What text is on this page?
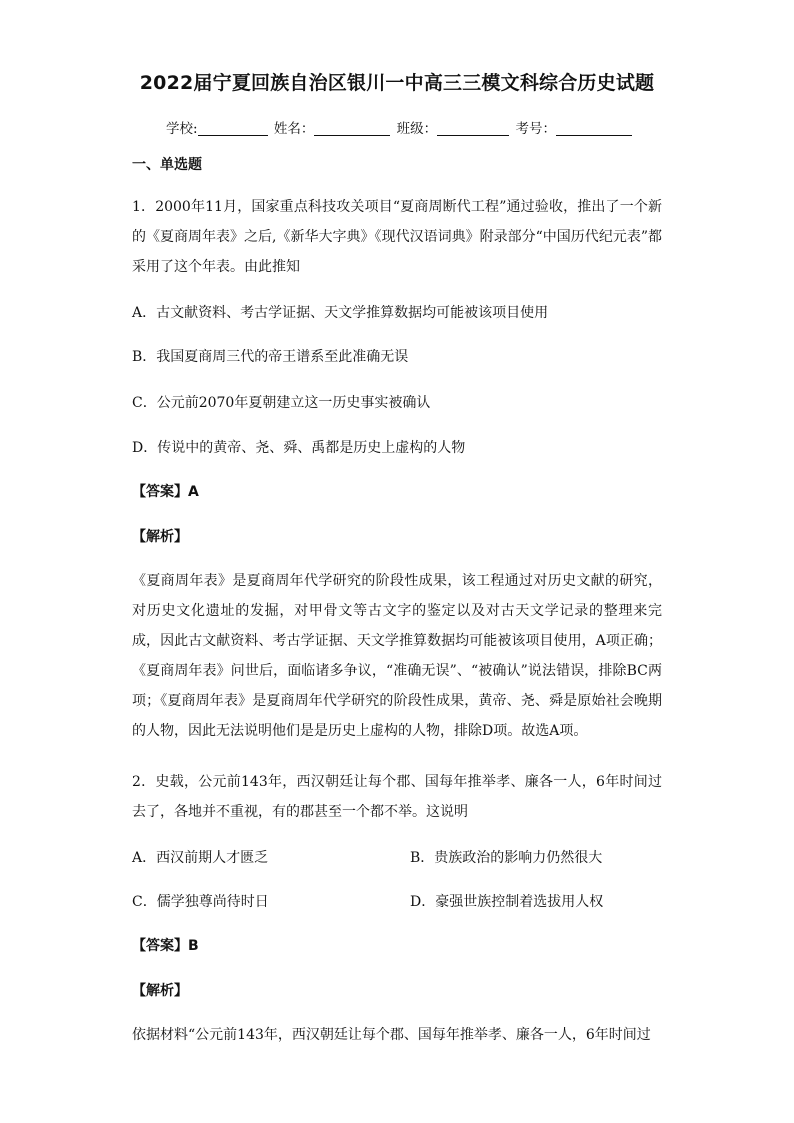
2022届宁夏回族自治区银川一中高三三模文科综合历史试题
学校:	姓名：	班级：	考号：
一、单选题
1．2000年11月，国家重点科技攻关项目“夏商周断代工程”通过验收，推出了一个新的《夏商周年表》之后,《新华大字典》《现代汉语词典》附录部分“中国历代纪元表”都采用了这个年表。由此推知
A．古文献资料、考古学证据、天文学推算数据均可能被该项目使用
B．我国夏商周三代的帝王谱系至此准确无误
C．公元前2070年夏朝建立这一历史事实被确认
D．传说中的黄帝、尧、舜、禹都是历史上虚构的人物
【答案】A
【解析】
《夏商周年表》是夏商周年代学研究的阶段性成果，该工程通过对历史文献的研究，对历史文化遗址的发掘，对甲骨文等古文字的鉴定以及对古天文学记录的整理来完成，因此古文献资料、考古学证据、天文学推算数据均可能被该项目使用，A项正确；《夏商周年表》问世后，面临诸多争议，“准确无误”、“被确认”说法错误，排除BC两项；《夏商周年表》是夏商周年代学研究的阶段性成果，黄帝、尧、舜是原始社会晚期的人物，因此无法说明他们是是历史上虚构的人物，排除D项。故选A项。
2．史载，公元前143年，西汉朝廷让每个郡、国每年推举孝、廉各一人，6年时间过去了，各地并不重视，有的郡甚至一个都不举。这说明
A．西汉前期人才匮乏	B．贵族政治的影响力仍然很大
C．儒学独尊尚待时日	D．豪强世族控制着选拔用人权
【答案】B
【解析】
依据材料“公元前143年，西汉朝廷让每个郡、国每年推举孝、廉各一人，6年时间过
